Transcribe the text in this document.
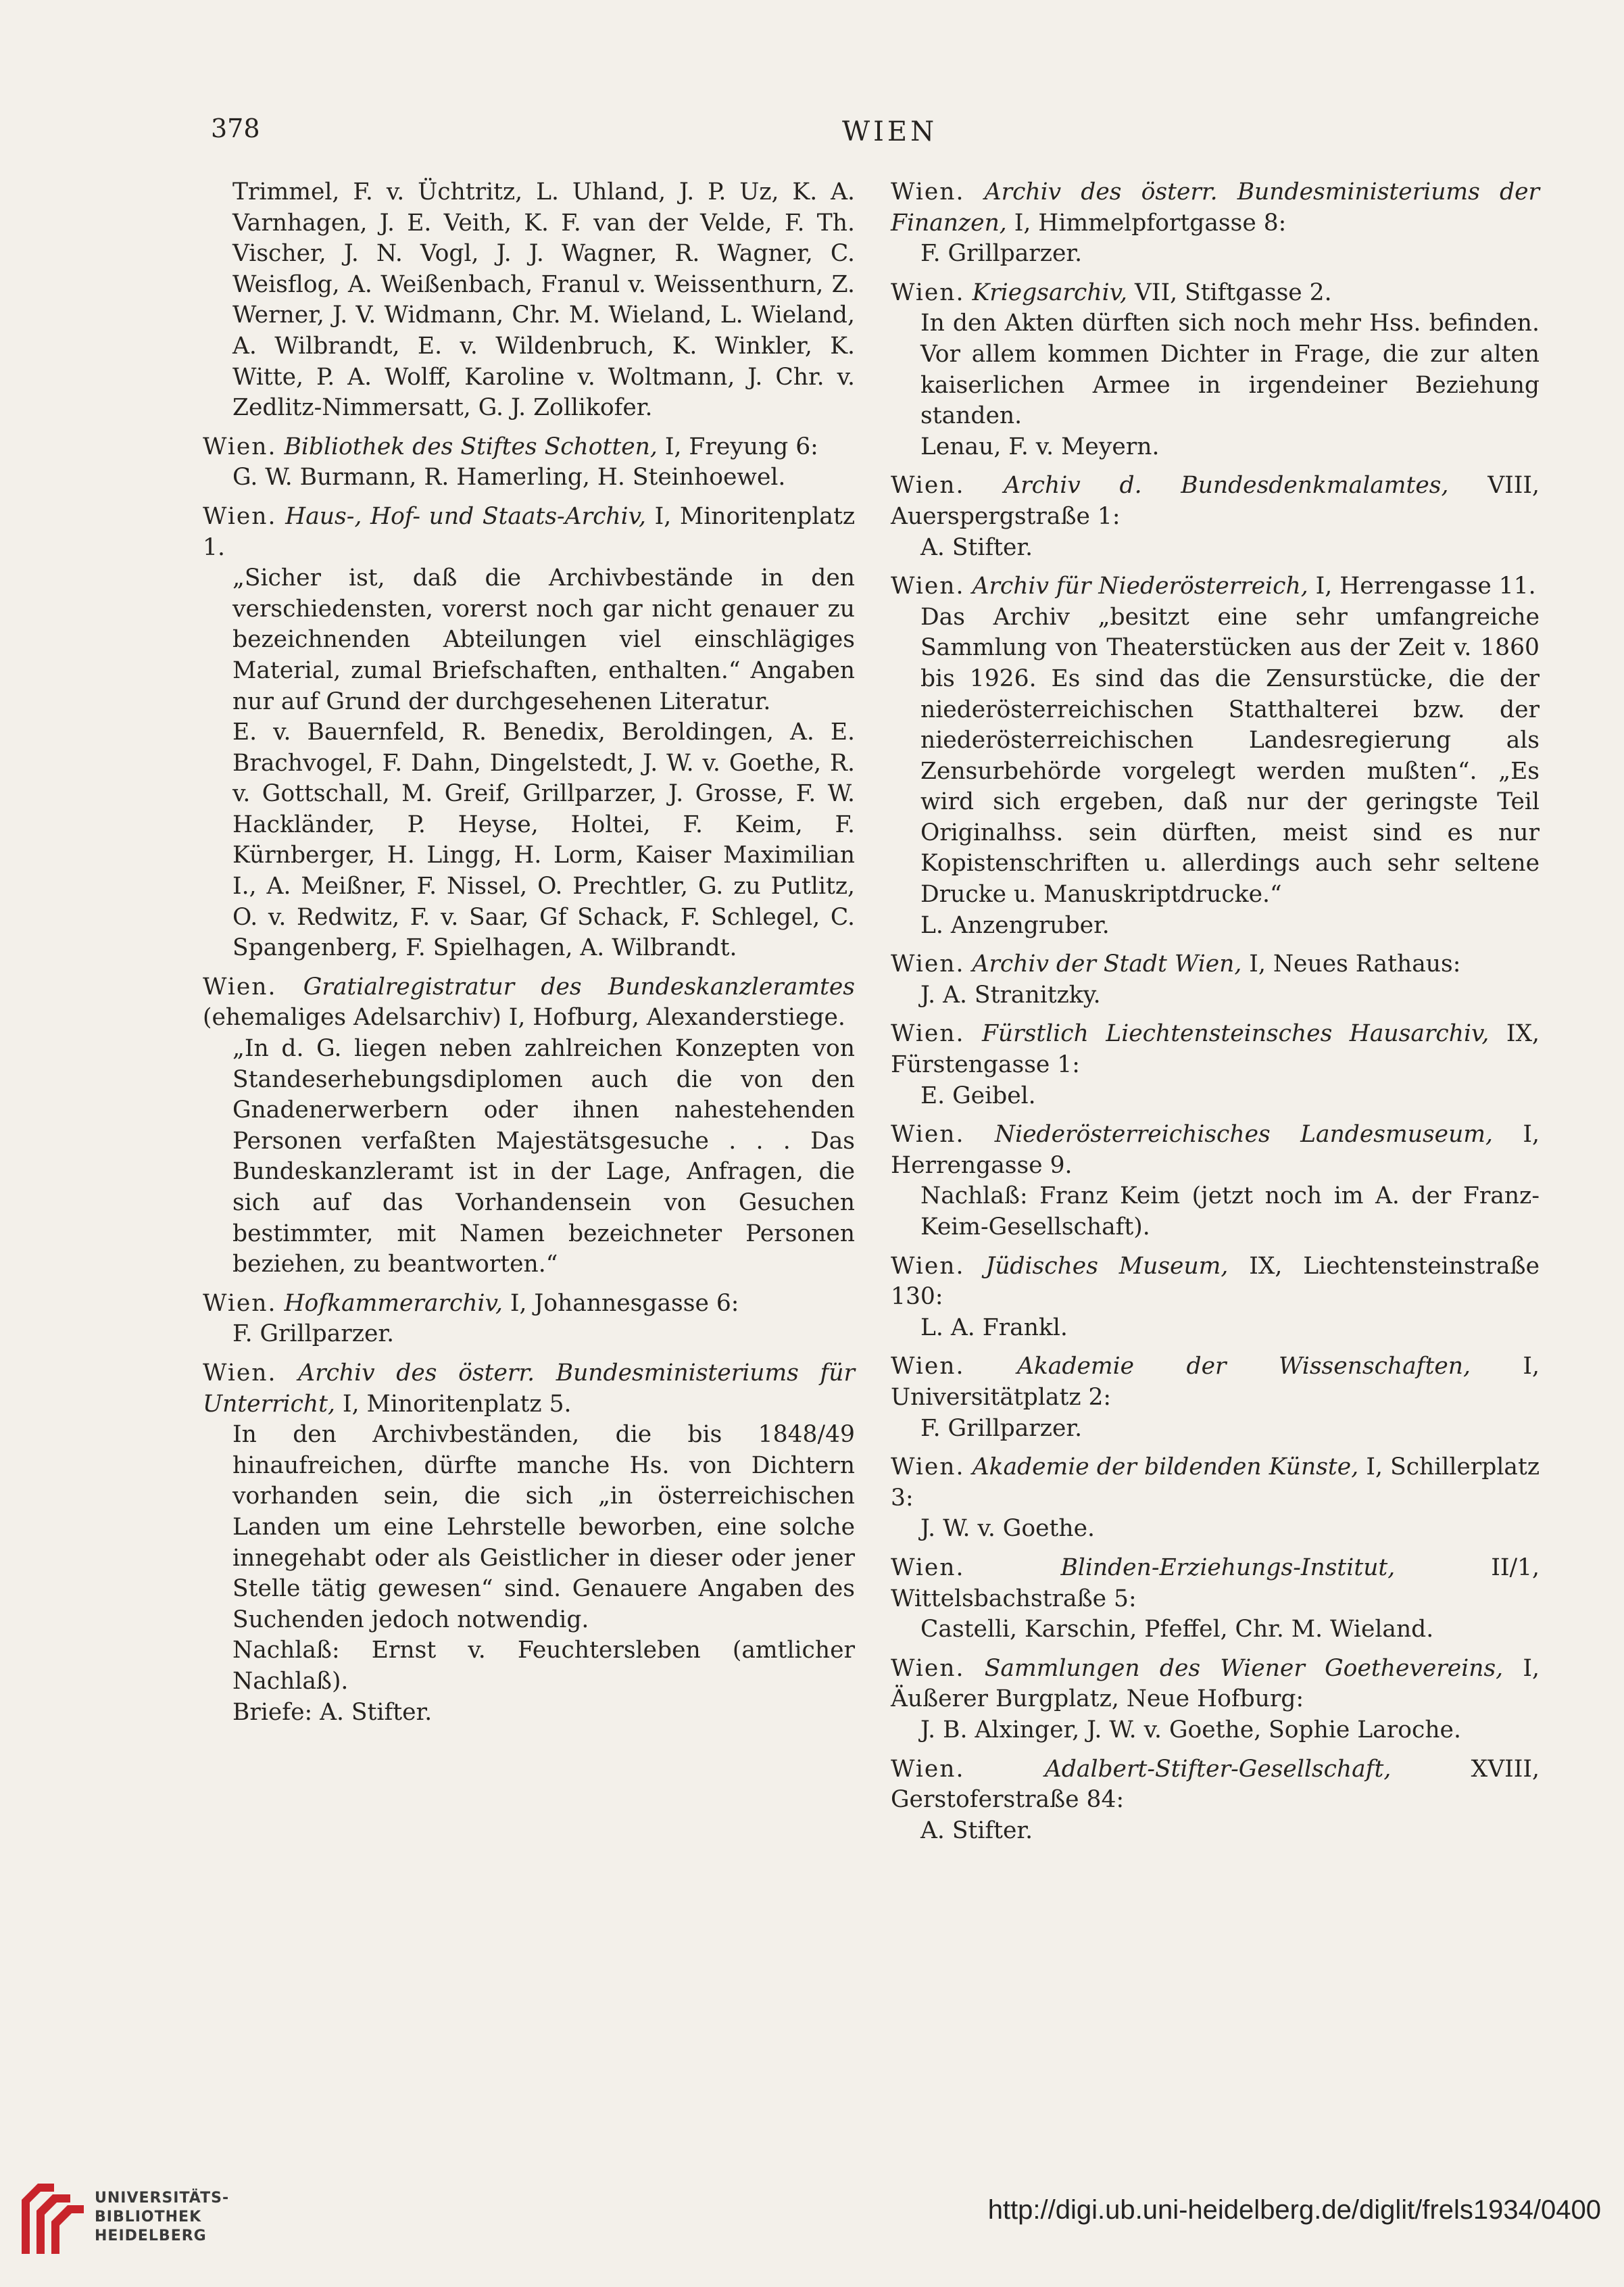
378	WIEN

Trimmel, F. v. Üchtritz, L. Uhland, J. P. Uz, K. A. Varnhagen, J. E. Veith, K. F. van der Velde, F. Th. Vischer, J. N. Vogl, J. J. Wagner, R. Wagner, C. Weisflog, A. Weißenbach, Franul v. Weissenthurn, Z. Werner, J. V. Widmann, Chr. M. Wieland, L. Wieland, A. Wilbrandt, E. v. Wildenbruch, K. Winkler, K. Witte, P. A. Wolff, Karoline v. Woltmann, J. Chr. v. Zedlitz-Nimmersatt, G. J. Zollikofer.

Wien. Bibliothek des Stiftes Schotten, I, Freyung 6:

G. W. Burmann, R. Hamerling, H. Steinhoewel.

Wien. Haus-, Hof- und Staats-Archiv, I, Minoritenplatz 1.

„Sicher ist, daß die Archivbestände in den verschiedensten, vorerst noch gar nicht genauer zu bezeichnenden Abteilungen viel einschlägiges Material, zumal Briefschaften, enthalten.“ Angaben nur auf Grund der durchgesehenen Literatur.

E. v. Bauernfeld, R. Benedix, Beroldingen, A. E. Brachvogel, F. Dahn, Dingelstedt, J. W. v. Goethe, R. v. Gottschall, M. Greif, Grillparzer, J. Grosse, F. W. Hackländer, P. Heyse, Holtei, F. Keim, F. Kürnberger, H. Lingg, H. Lorm, Kaiser Maximilian I., A. Meißner, F. Nissel, O. Prechtler, G. zu Putlitz, O. v. Redwitz, F. v. Saar, Gf Schack, F. Schlegel, C. Spangenberg, F. Spielhagen, A. Wilbrandt.

Wien. Gratialregistratur des Bundeskanzleramtes (ehemaliges Adelsarchiv) I, Hofburg, Alexanderstiege.

„In d. G. liegen neben zahlreichen Konzepten von Standeserhebungsdiplomen auch die von den Gnadenerwerbern oder ihnen nahestehenden Personen verfaßten Majestätsgesuche . . . Das Bundeskanzleramt ist in der Lage, Anfragen, die sich auf das Vorhandensein von Gesuchen bestimmter, mit Namen bezeichneter Personen beziehen, zu beantworten.“

Wien. Hofkammerarchiv, I, Johannesgasse 6:

F. Grillparzer.

Wien. Archiv des österr. Bundesministeriums für Unterricht, I, Minoritenplatz 5.

In den Archivbeständen, die bis 1848/49 hinaufreichen, dürfte manche Hs. von Dichtern vorhanden sein, die sich „in österreichischen Landen um eine Lehrstelle beworben, eine solche innegehabt oder als Geistlicher in dieser oder jener Stelle tätig gewesen“ sind. Genauere Angaben des Suchenden jedoch notwendig.

Nachlaß: Ernst v. Feuchtersleben (amtlicher Nachlaß).

Briefe: A. Stifter.

Wien. Archiv des österr. Bundesministeriums der Finanzen, I, Himmelpfortgasse 8:

F. Grillparzer.

Wien. Kriegsarchiv, VII, Stiftgasse 2.

In den Akten dürften sich noch mehr Hss. befinden. Vor allem kommen Dichter in Frage, die zur alten kaiserlichen Armee in irgendeiner Beziehung standen.

Lenau, F. v. Meyern.

Wien. Archiv d. Bundesdenkmalamtes, VIII, Auerspergstraße 1:

A. Stifter.

Wien. Archiv für Niederösterreich, I, Herrengasse 11.

Das Archiv „besitzt eine sehr umfangreiche Sammlung von Theaterstücken aus der Zeit v. 1860 bis 1926. Es sind das die Zensurstücke, die der niederösterreichischen Statthalterei bzw. der niederösterreichischen Landesregierung als Zensurbehörde vorgelegt werden mußten“. „Es wird sich ergeben, daß nur der geringste Teil Originalhss. sein dürften, meist sind es nur Kopistenschriften u. allerdings auch sehr seltene Drucke u. Manuskriptdrucke.“

L. Anzengruber.

Wien. Archiv der Stadt Wien, I, Neues Rathaus:

J. A. Stranitzky.

Wien. Fürstlich Liechtensteinsches Hausarchiv, IX, Fürstengasse 1:

E. Geibel.

Wien. Niederösterreichisches Landesmuseum, I, Herrengasse 9.

Nachlaß: Franz Keim (jetzt noch im A. der Franz-Keim-Gesellschaft).

Wien. Jüdisches Museum, IX, Liechtensteinstraße 130:

L. A. Frankl.

Wien. Akademie der Wissenschaften, I, Universitätplatz 2:

F. Grillparzer.

Wien. Akademie der bildenden Künste, I, Schillerplatz 3:

J. W. v. Goethe.

Wien.	Blinden-Erziehungs-Institut, II/1, Wittelsbachstraße 5:

Castelli, Karschin, Pfeffel, Chr. M. Wieland.

Wien. Sammlungen des Wiener Goethevereins, I, Äußerer Burgplatz, Neue Hofburg:

J. B. Alxinger, J. W. v. Goethe, Sophie Laroche.

Wien.	Adalbert-Stifter-Gesellschaft, XVIII, Gerstoferstraße 84:

A. Stifter.

UNIVERSITÄTS-
BIBLIOTHEK
HEIDELBERG
http://digi.ub.uni-heidelberg.de/diglit/frels1934/0400
